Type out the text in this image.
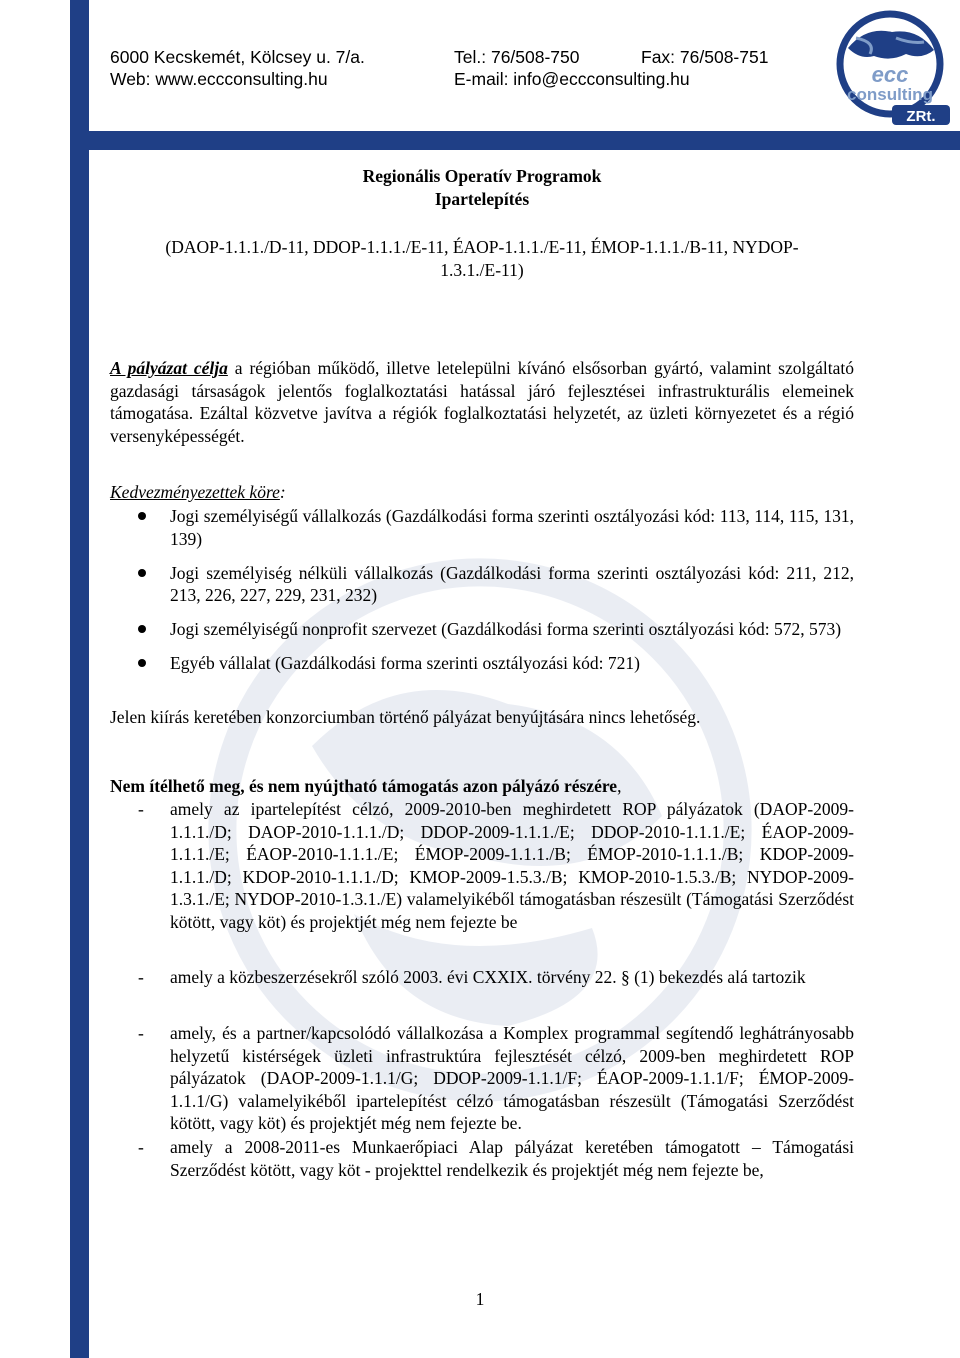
6000 Kecskemét, Kölcsey u. 7/a.	Tel.: 76/508-750	Fax: 76/508-751
Web: www.eccconsulting.hu	E-mail: info@eccconsulting.hu	ecc
consulting
ZRt.
Regionális Operatív Programok
Ipartelepítés
(DAOP-1.1.1./D-11, DDOP-1.1.1./E-11, ÉAOP-1.1.1./E-11, ÉMOP-1.1.1./B-11, NYDOP-
1.3.1./E-11)
A pályázat célja a régióban működő, illetve letelepülni kívánó elsősorban gyártó, valamint szolgáltató gazdasági társaságok jelentős foglalkoztatási hatással járó fejlesztései infrastrukturális elemeinek támogatása. Ezáltal közvetve javítva a régiók foglalkoztatási helyzetét, az üzleti környezetet és a régió versenyképességét.
Kedvezményezettek köre:
Jogi személyiségű vállalkozás (Gazdálkodási forma szerinti osztályozási kód: 113, 114, 115, 131, 139)
Jogi személyiség nélküli vállalkozás (Gazdálkodási forma szerinti osztályozási kód: 211, 212, 213, 226, 227, 229, 231, 232)
Jogi személyiségű nonprofit szervezet (Gazdálkodási forma szerinti osztályozási kód: 572, 573)
Egyéb vállalat (Gazdálkodási forma szerinti osztályozási kód: 721)
Jelen kiírás keretében konzorciumban történő pályázat benyújtására nincs lehetőség.
Nem ítélhető meg, és nem nyújtható támogatás azon pályázó részére,
- amely az ipartelepítést célzó, 2009-2010-ben meghirdetett ROP pályázatok (DAOP-2009-1.1.1./D; DAOP-2010-1.1.1./D; DDOP-2009-1.1.1./E; DDOP-2010-1.1.1./E; ÉAOP-2009-1.1.1./E; ÉAOP-2010-1.1.1./E; ÉMOP-2009-1.1.1./B; ÉMOP-2010-1.1.1./B; KDOP-2009-1.1.1./D; KDOP-2010-1.1.1./D; KMOP-2009-1.5.3./B; KMOP-2010-1.5.3./B; NYDOP-2009-1.3.1./E; NYDOP-2010-1.3.1./E) valamelyikéből támogatásban részesült (Támogatási Szerződést kötött, vagy köt) és projektjét még nem fejezte be
- amely a közbeszerzésekről szóló 2003. évi CXXIX. törvény 22. § (1) bekezdés alá tartozik
- amely, és a partner/kapcsolódó vállalkozása a Komplex programmal segítendő leghátrányosabb helyzetű kistérségek üzleti infrastruktúra fejlesztését célzó, 2009-ben meghirdetett ROP pályázatok (DAOP-2009-1.1.1/G; DDOP-2009-1.1.1/F; ÉAOP-2009-1.1.1/F; ÉMOP-2009-1.1.1/G) valamelyikéből ipartelepítést célzó támogatásban részesült (Támogatási Szerződést kötött, vagy köt) és projektjét még nem fejezte be.
- amely a 2008-2011-es Munkaerőpiaci Alap pályázat keretében támogatott – Támogatási Szerződést kötött, vagy köt - projekttel rendelkezik és projektjét még nem fejezte be,
1
